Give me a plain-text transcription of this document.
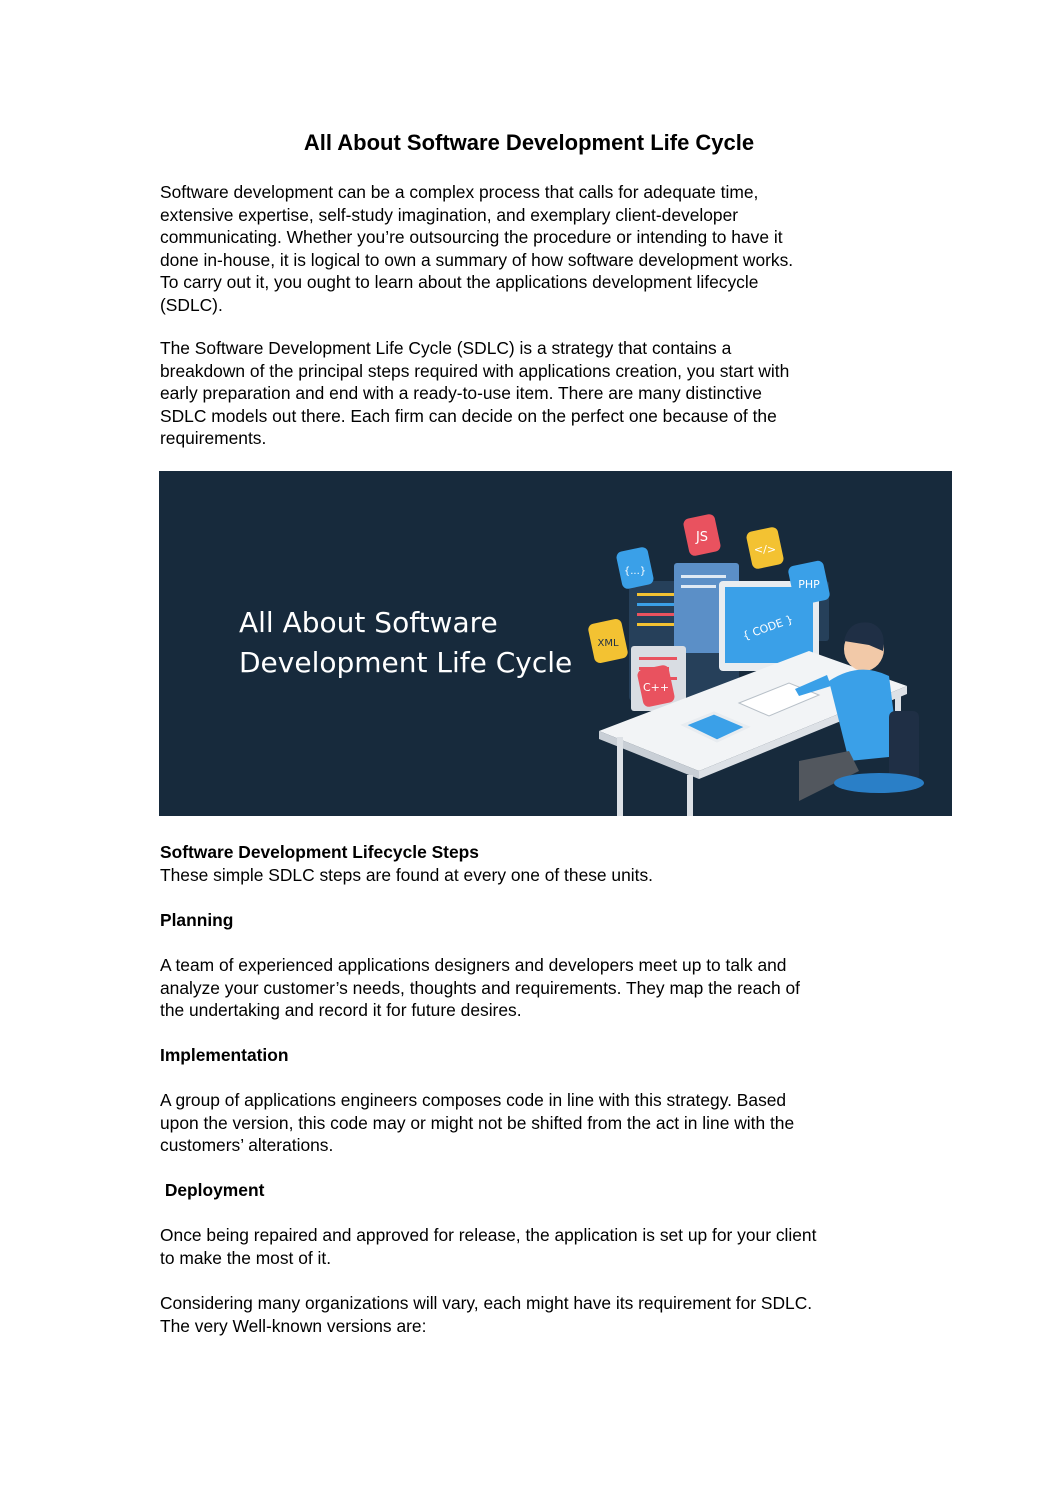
All About Software Development Life Cycle
Software development can be a complex process that calls for adequate time,
extensive expertise, self-study imagination, and exemplary client-developer
communicating. Whether you’re outsourcing the procedure or intending to have it
done in-house, it is logical to own a summary of how software development works.
To carry out it, you ought to learn about the applications development lifecycle
(SDLC).
The Software Development Life Cycle (SDLC) is a strategy that contains a
breakdown of the principal steps required with applications creation, you start with
early preparation and end with a ready-to-use item. There are many distinctive
SDLC models out there. Each firm can decide on the perfect one because of the
requirements.
JS
{...}
</>
PHP
XML
C++
{ CODE }
All About Software
Development Life Cycle
Software Development Lifecycle Steps
These simple SDLC steps are found at every one of these units.
Planning
A team of experienced applications designers and developers meet up to talk and
analyze your customer’s needs, thoughts and requirements. They map the reach of
the undertaking and record it for future desires.
Implementation
A group of applications engineers composes code in line with this strategy. Based
upon the version, this code may or might not be shifted from the act in line with the
customers’ alterations.
Deployment
Once being repaired and approved for release, the application is set up for your client
to make the most of it.
Considering many organizations will vary, each might have its requirement for SDLC.
The very Well-known versions are:
